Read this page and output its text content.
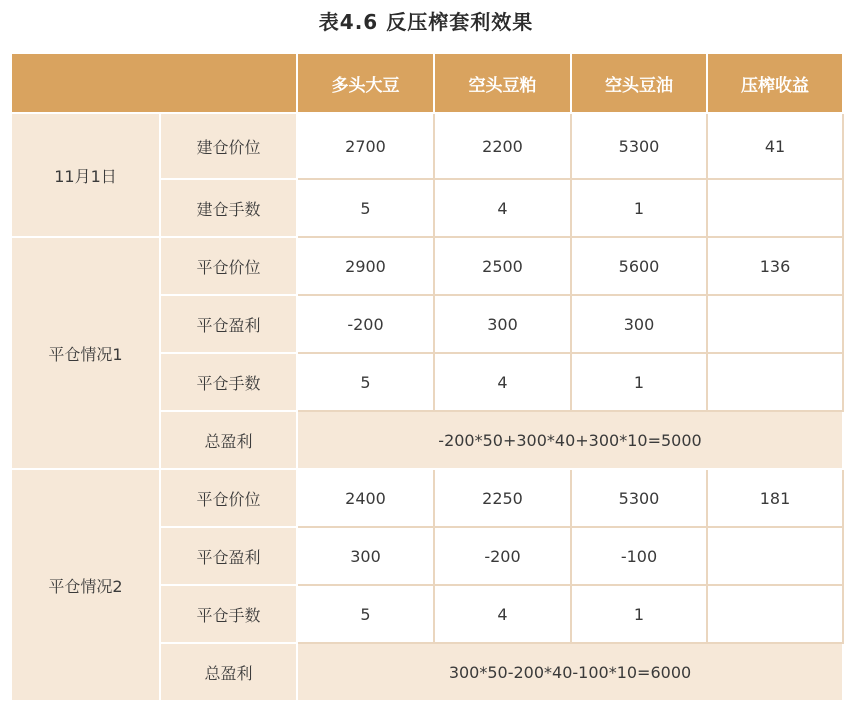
表4.6 反压榨套利效果
		多头大豆	空头豆粕	空头豆油	压榨收益
11月1日	建仓价位	2700	2200	5300	41
	建仓手数	5	4	1	
平仓情况1	平仓价位	2900	2500	5600	136
	平仓盈利	-200	300	300	
	平仓手数	5	4	1	
	总盈利	-200*50+300*40+300*10=5000			
平仓情况2	平仓价位	2400	2250	5300	181
	平仓盈利	300	-200	-100	
	平仓手数	5	4	1	
	总盈利	300*50-200*40-100*10=6000			
